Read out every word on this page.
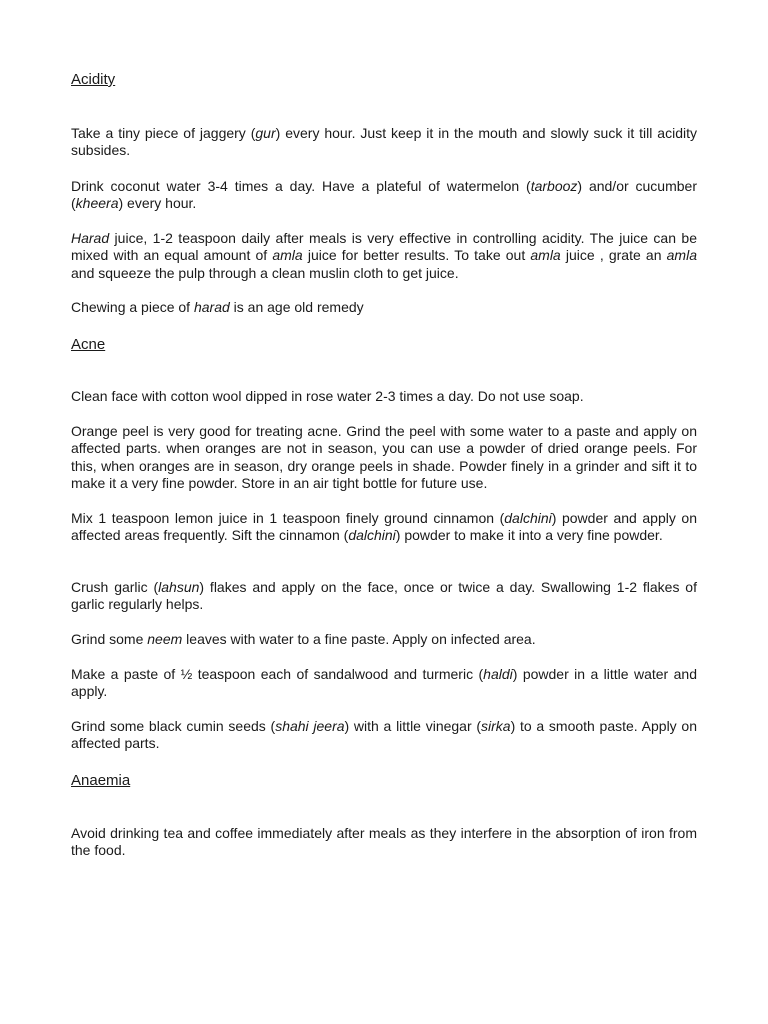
Acidity

Take a tiny piece of jaggery (gur) every hour. Just keep it in the mouth and slowly suck it till acidity subsides.

Drink coconut water 3-4 times a day. Have a plateful of watermelon (tarbooz) and/or cucumber (kheera) every hour.

Harad juice, 1-2 teaspoon daily after meals is very effective in controlling acidity. The juice can be mixed with an equal amount of amla juice for better results. To take out amla juice , grate an amla and squeeze the pulp through a clean muslin cloth to get juice.

Chewing a piece of harad is an age old remedy

Acne

Clean face with cotton wool dipped in rose water 2-3 times a day. Do not use soap.

Orange peel is very good for treating acne. Grind the peel with some water to a paste and apply on affected parts. when oranges are not in season, you can use a powder of dried orange peels. For this, when oranges are in season, dry orange peels in shade. Powder finely in a grinder and sift it to make it a very fine powder. Store in an air tight bottle for future use.

Mix 1 teaspoon lemon juice in 1 teaspoon finely ground cinnamon (dalchini) powder and apply on affected areas frequently. Sift the cinnamon (dalchini) powder to make it into a very fine powder.

Crush garlic (lahsun) flakes and apply on the face, once or twice a day. Swallowing 1-2 flakes of garlic regularly helps.

Grind some neem leaves with water to a fine paste. Apply on infected area.

Make a paste of ½ teaspoon each of sandalwood and turmeric (haldi) powder in a little water and apply.

Grind some black cumin seeds (shahi jeera) with a little vinegar (sirka) to a smooth paste. Apply on affected parts.

Anaemia

Avoid drinking tea and coffee immediately after meals as they interfere in the absorption of iron from the food.
